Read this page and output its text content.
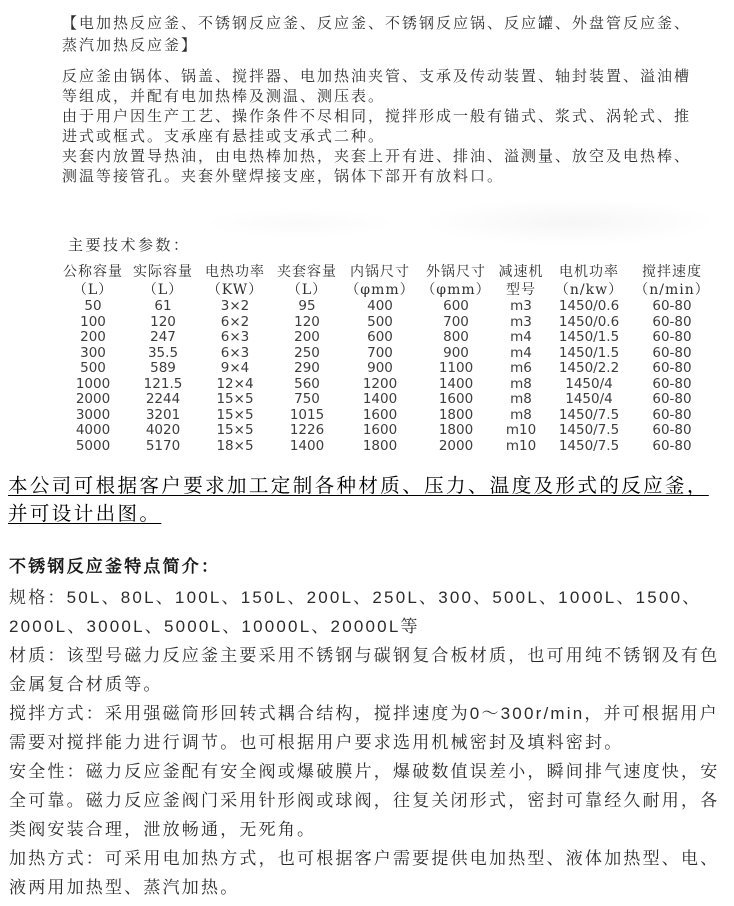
【电加热反应釜、不锈钢反应釜、反应釜、不锈钢反应锅、反应罐、外盘管反应釜、蒸汽加热反应釜】

反应釜由锅体、锅盖、搅拌器、电加热油夹管、支承及传动装置、轴封装置、溢油槽等组成，并配有电加热棒及测温、测压表。

由于用户因生产工艺、操作条件不尽相同，搅拌形成一般有锚式、浆式、涡轮式、推进式或框式。支承座有悬挂或支承式二种。

夹套内放置导热油，由电热棒加热，夹套上开有进、排油、溢测量、放空及电热棒、测温等接管孔。夹套外壁焊接支座，锅体下部开有放料口。

主要技术参数：
公称容量	实际容量	电热功率	夹套容量	内锅尺寸	外锅尺寸	减速机	电机功率	搅拌速度
（L）	（L）	（KW）	（L）	（φmm）	（φmm）	型号	（n/kw）	（n/min）
50	61	3×2	95	400	600	m3	1450/0.6	60-80
100	120	6×2	120	500	700	m3	1450/0.6	60-80
200	247	6×3	200	600	800	m4	1450/1.5	60-80
300	35.5	6×3	250	700	900	m4	1450/1.5	60-80
500	589	9×4	290	900	1100	m6	1450/2.2	60-80
1000	121.5	12×4	560	1200	1400	m8	1450/4	60-80
2000	2244	15×5	750	1400	1600	m8	1450/4	60-80
3000	3201	15×5	1015	1600	1800	m8	1450/7.5	60-80
4000	4020	15×5	1226	1600	1800	m10	1450/7.5	60-80
5000	5170	18×5	1400	1800	2000	m10	1450/7.5	60-80
本公司可根据客户要求加工定制各种材质、压力、温度及形式的反应釜，并可设计出图。
不锈钢反应釜特点简介：

规格：50L、80L、100L、150L、200L、250L、300、500L、1000L、1500、2000L、3000L、5000L、10000L、20000L等

材质：该型号磁力反应釜主要采用不锈钢与碳钢复合板材质，也可用纯不锈钢及有色金属复合材质等。

搅拌方式：采用强磁筒形回转式耦合结构，搅拌速度为0～300r/min，并可根据用户需要对搅拌能力进行调节。也可根据用户要求选用机械密封及填料密封。

安全性：磁力反应釜配有安全阀或爆破膜片，爆破数值误差小，瞬间排气速度快，安全可靠。磁力反应釜阀门采用针形阀或球阀，往复关闭形式，密封可靠经久耐用，各类阀安装合理，泄放畅通，无死角。

加热方式：可采用电加热方式，也可根据客户需要提供电加热型、液体加热型、电、液两用加热型、蒸汽加热。
